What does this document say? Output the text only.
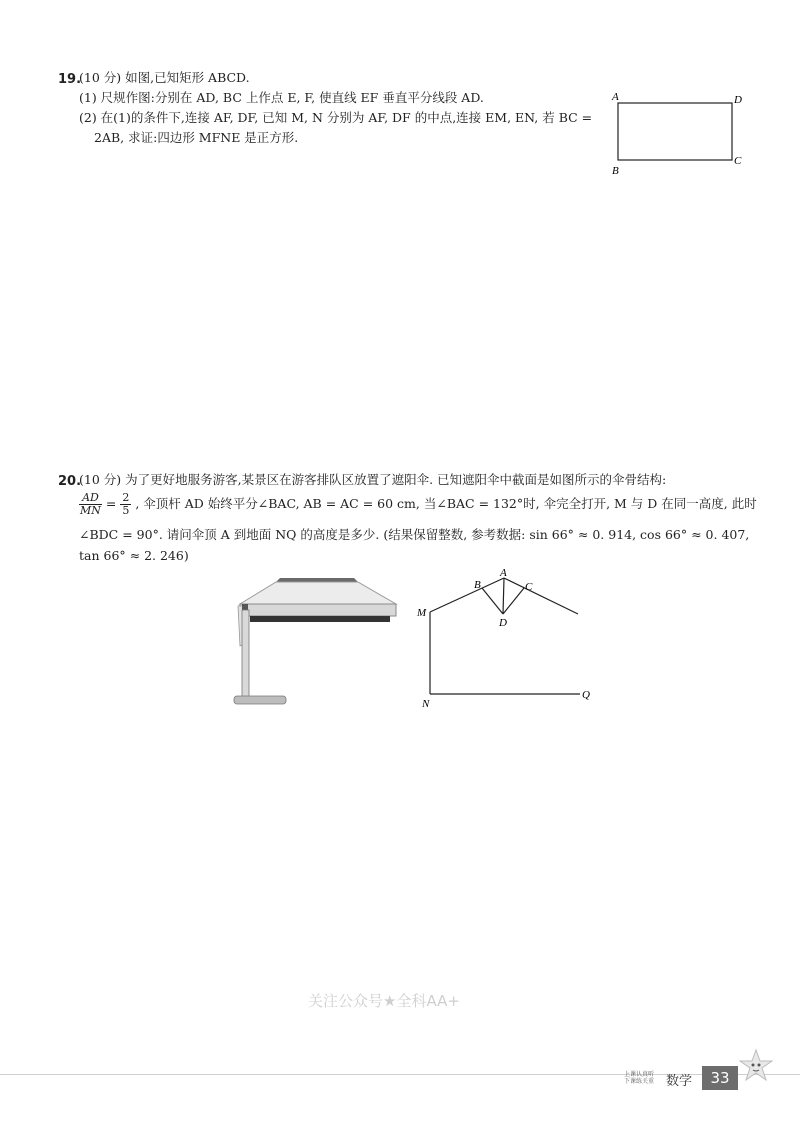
19.
(10 分) 如图,已知矩形 ABCD.
(1) 尺规作图:分别在 AD, BC 上作点 E, F, 使直线 EF 垂直平分线段 AD.
(2) 在(1)的条件下,连接 AF, DF, 已知 M, N 分别为 AF, DF 的中点,连接 EM, EN, 若 BC =
2AB, 求证:四边形 MFNE 是正方形.
A	D
B
C
20.
(10 分) 为了更好地服务游客,某景区在游客排队区放置了遮阳伞. 已知遮阳伞中截面是如图所示的伞骨结构:
$\frac{AD}{MN} = \frac{2}{5}$ , 伞顶杆 AD 始终平分∠BAC, AB = AC = 60 cm, 当∠BAC = 132°时, 伞完全打开, M 与 D 在同一高度, 此时
∠BDC = 90°. 请问伞顶 A 到地面 NQ 的高度是多少. (结果保留整数, 参考数据: sin 66° ≈ 0. 914, cos 66° ≈ 0. 407,
tan 66° ≈ 2. 246)
A
B	C
D
M
N
Q
关注公众号★全科AA+
上课认真听
下课练关重 数学	33
